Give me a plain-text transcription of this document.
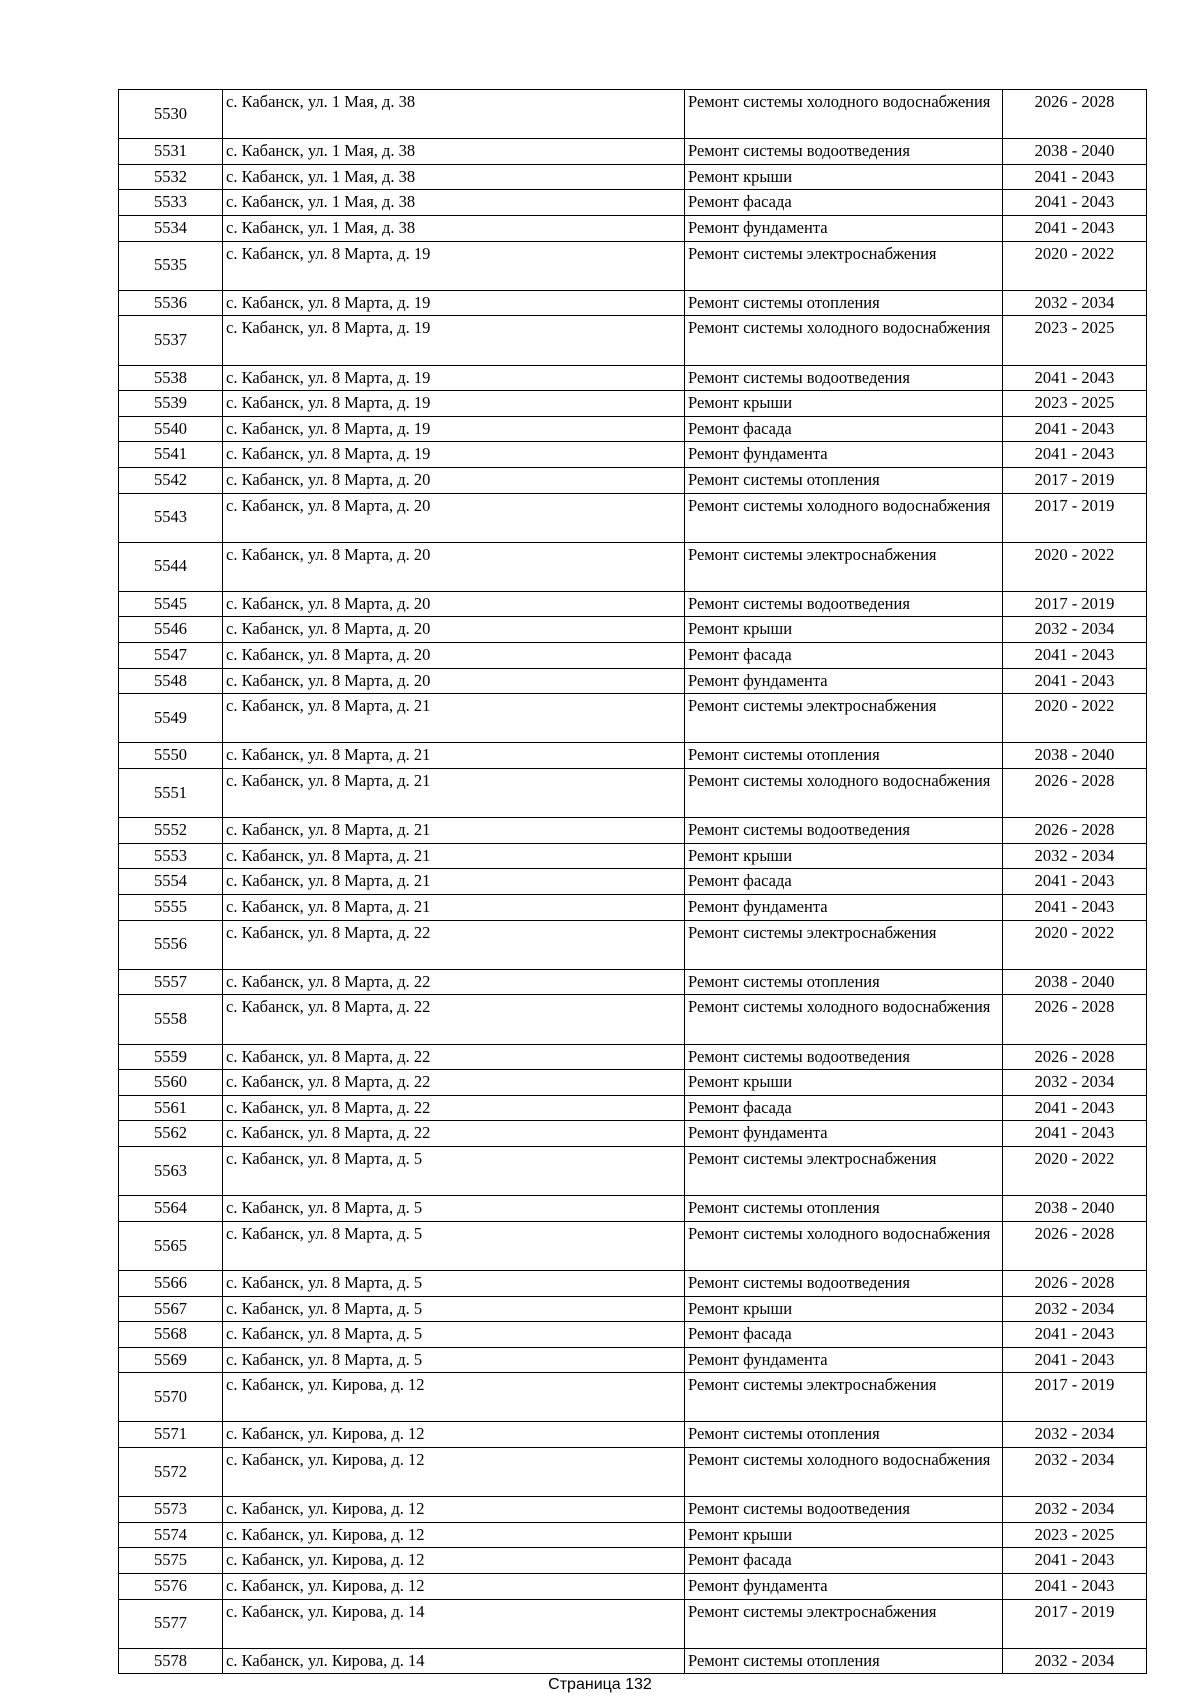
5530	с. Кабанск, ул. 1 Мая, д. 38	Ремонт системы холодного водоснабжения	2026 - 2028
5531	с. Кабанск, ул. 1 Мая, д. 38	Ремонт системы водоотведения	2038 - 2040
5532	с. Кабанск, ул. 1 Мая, д. 38	Ремонт крыши	2041 - 2043
5533	с. Кабанск, ул. 1 Мая, д. 38	Ремонт фасада	2041 - 2043
5534	с. Кабанск, ул. 1 Мая, д. 38	Ремонт фундамента	2041 - 2043
5535	с. Кабанск, ул. 8 Марта, д. 19	Ремонт системы электроснабжения	2020 - 2022
5536	с. Кабанск, ул. 8 Марта, д. 19	Ремонт системы отопления	2032 - 2034
5537	с. Кабанск, ул. 8 Марта, д. 19	Ремонт системы холодного водоснабжения	2023 - 2025
5538	с. Кабанск, ул. 8 Марта, д. 19	Ремонт системы водоотведения	2041 - 2043
5539	с. Кабанск, ул. 8 Марта, д. 19	Ремонт крыши	2023 - 2025
5540	с. Кабанск, ул. 8 Марта, д. 19	Ремонт фасада	2041 - 2043
5541	с. Кабанск, ул. 8 Марта, д. 19	Ремонт фундамента	2041 - 2043
5542	с. Кабанск, ул. 8 Марта, д. 20	Ремонт системы отопления	2017 - 2019
5543	с. Кабанск, ул. 8 Марта, д. 20	Ремонт системы холодного водоснабжения	2017 - 2019
5544	с. Кабанск, ул. 8 Марта, д. 20	Ремонт системы электроснабжения	2020 - 2022
5545	с. Кабанск, ул. 8 Марта, д. 20	Ремонт системы водоотведения	2017 - 2019
5546	с. Кабанск, ул. 8 Марта, д. 20	Ремонт крыши	2032 - 2034
5547	с. Кабанск, ул. 8 Марта, д. 20	Ремонт фасада	2041 - 2043
5548	с. Кабанск, ул. 8 Марта, д. 20	Ремонт фундамента	2041 - 2043
5549	с. Кабанск, ул. 8 Марта, д. 21	Ремонт системы электроснабжения	2020 - 2022
5550	с. Кабанск, ул. 8 Марта, д. 21	Ремонт системы отопления	2038 - 2040
5551	с. Кабанск, ул. 8 Марта, д. 21	Ремонт системы холодного водоснабжения	2026 - 2028
5552	с. Кабанск, ул. 8 Марта, д. 21	Ремонт системы водоотведения	2026 - 2028
5553	с. Кабанск, ул. 8 Марта, д. 21	Ремонт крыши	2032 - 2034
5554	с. Кабанск, ул. 8 Марта, д. 21	Ремонт фасада	2041 - 2043
5555	с. Кабанск, ул. 8 Марта, д. 21	Ремонт фундамента	2041 - 2043
5556	с. Кабанск, ул. 8 Марта, д. 22	Ремонт системы электроснабжения	2020 - 2022
5557	с. Кабанск, ул. 8 Марта, д. 22	Ремонт системы отопления	2038 - 2040
5558	с. Кабанск, ул. 8 Марта, д. 22	Ремонт системы холодного водоснабжения	2026 - 2028
5559	с. Кабанск, ул. 8 Марта, д. 22	Ремонт системы водоотведения	2026 - 2028
5560	с. Кабанск, ул. 8 Марта, д. 22	Ремонт крыши	2032 - 2034
5561	с. Кабанск, ул. 8 Марта, д. 22	Ремонт фасада	2041 - 2043
5562	с. Кабанск, ул. 8 Марта, д. 22	Ремонт фундамента	2041 - 2043
5563	с. Кабанск, ул. 8 Марта, д. 5	Ремонт системы электроснабжения	2020 - 2022
5564	с. Кабанск, ул. 8 Марта, д. 5	Ремонт системы отопления	2038 - 2040
5565	с. Кабанск, ул. 8 Марта, д. 5	Ремонт системы холодного водоснабжения	2026 - 2028
5566	с. Кабанск, ул. 8 Марта, д. 5	Ремонт системы водоотведения	2026 - 2028
5567	с. Кабанск, ул. 8 Марта, д. 5	Ремонт крыши	2032 - 2034
5568	с. Кабанск, ул. 8 Марта, д. 5	Ремонт фасада	2041 - 2043
5569	с. Кабанск, ул. 8 Марта, д. 5	Ремонт фундамента	2041 - 2043
5570	с. Кабанск, ул. Кирова, д. 12	Ремонт системы электроснабжения	2017 - 2019
5571	с. Кабанск, ул. Кирова, д. 12	Ремонт системы отопления	2032 - 2034
5572	с. Кабанск, ул. Кирова, д. 12	Ремонт системы холодного водоснабжения	2032 - 2034
5573	с. Кабанск, ул. Кирова, д. 12	Ремонт системы водоотведения	2032 - 2034
5574	с. Кабанск, ул. Кирова, д. 12	Ремонт крыши	2023 - 2025
5575	с. Кабанск, ул. Кирова, д. 12	Ремонт фасада	2041 - 2043
5576	с. Кабанск, ул. Кирова, д. 12	Ремонт фундамента	2041 - 2043
5577	с. Кабанск, ул. Кирова, д. 14	Ремонт системы электроснабжения	2017 - 2019
5578	с. Кабанск, ул. Кирова, д. 14	Ремонт системы отопления	2032 - 2034
Страница 132
